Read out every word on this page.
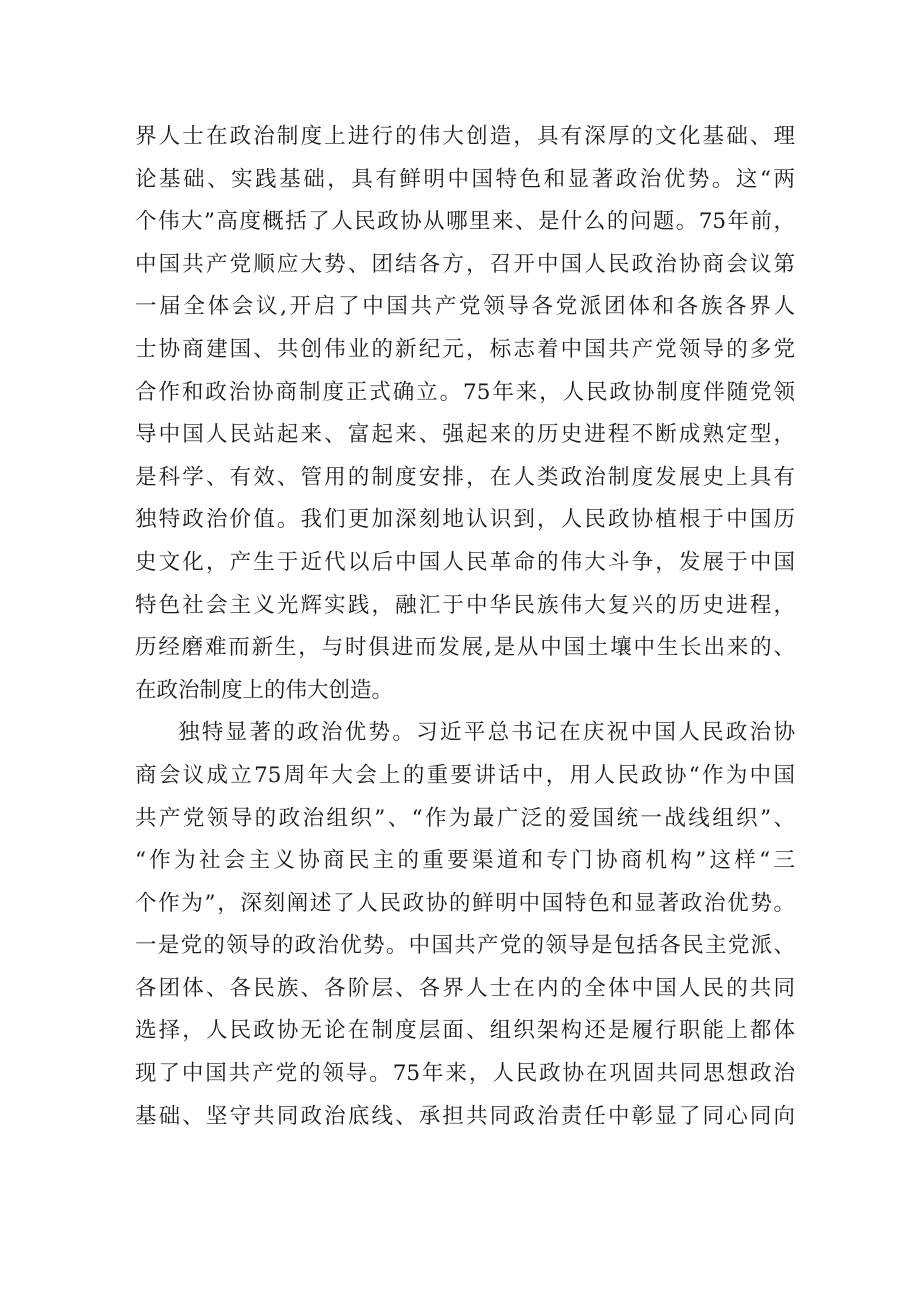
界人士在政治制度上进行的伟大创造，具有深厚的文化基础、理
论基础、实践基础，具有鲜明中国特色和显著政治优势。这“两
个伟大”高度概括了人民政协从哪里来、是什么的问题。75年前，
中国共产党顺应大势、团结各方，召开中国人民政治协商会议第
一届全体会议,开启了中国共产党领导各党派团体和各族各界人
士协商建国、共创伟业的新纪元，标志着中国共产党领导的多党
合作和政治协商制度正式确立。75年来，人民政协制度伴随党领
导中国人民站起来、富起来、强起来的历史进程不断成熟定型，
是科学、有效、管用的制度安排，在人类政治制度发展史上具有
独特政治价值。我们更加深刻地认识到，人民政协植根于中国历
史文化，产生于近代以后中国人民革命的伟大斗争，发展于中国
特色社会主义光辉实践，融汇于中华民族伟大复兴的历史进程，
历经磨难而新生，与时俱进而发展,是从中国土壤中生长出来的、
在政治制度上的伟大创造。
独特显著的政治优势。习近平总书记在庆祝中国人民政治协
商会议成立75周年大会上的重要讲话中，用人民政协“作为中国
共产党领导的政治组织”、“作为最广泛的爱国统一战线组织”、
“作为社会主义协商民主的重要渠道和专门协商机构”这样“三
个作为”，深刻阐述了人民政协的鲜明中国特色和显著政治优势。
一是党的领导的政治优势。中国共产党的领导是包括各民主党派、
各团体、各民族、各阶层、各界人士在内的全体中国人民的共同
选择，人民政协无论在制度层面、组织架构还是履行职能上都体
现了中国共产党的领导。75年来，人民政协在巩固共同思想政治
基础、坚守共同政治底线、承担共同政治责任中彰显了同心同向
